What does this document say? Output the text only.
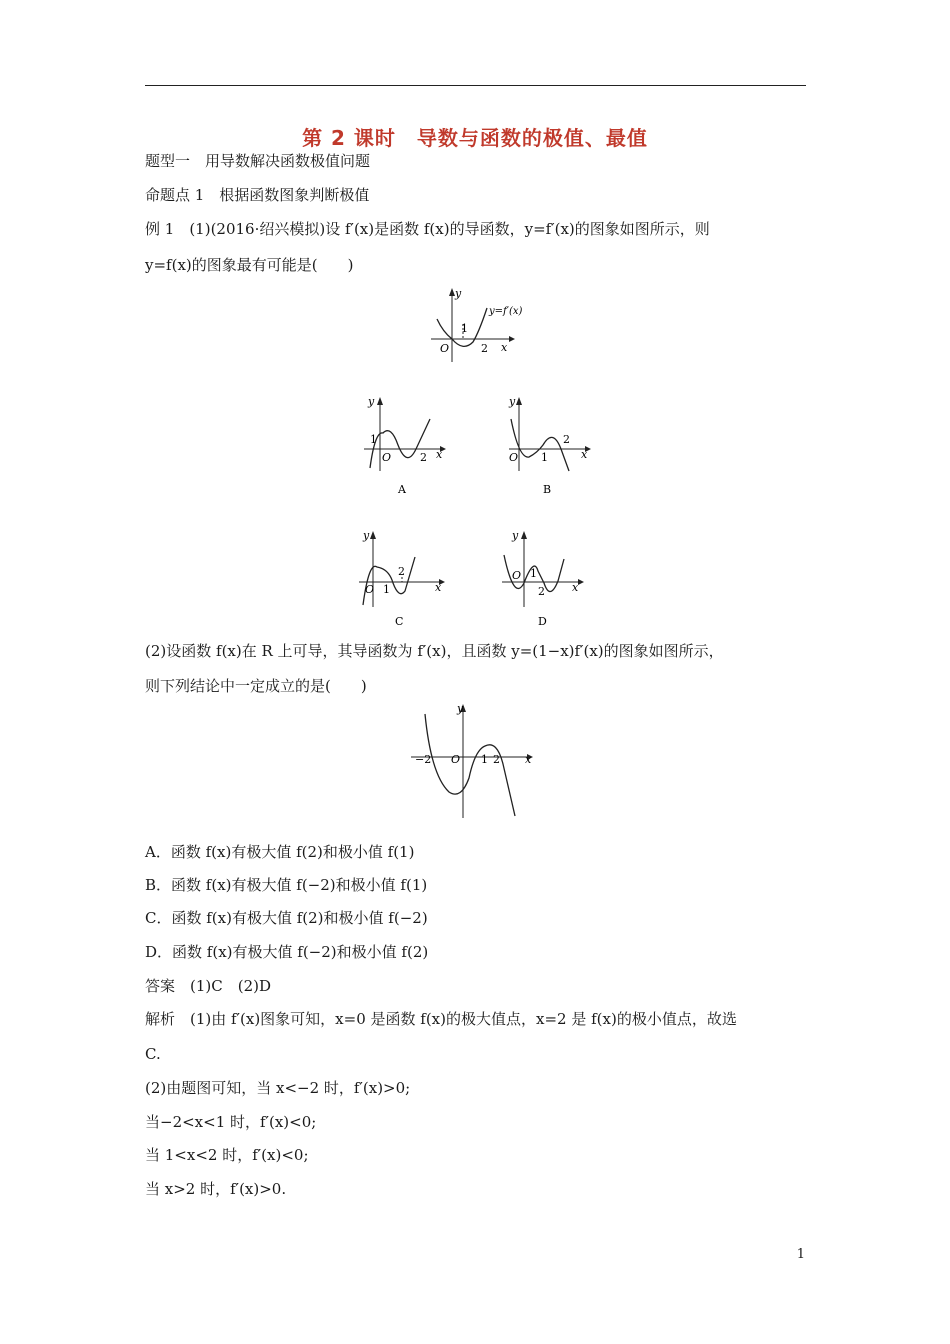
第 2 课时　导数与函数的极值、最值
题型一　用导数解决函数极值问题
命题点 1　根据函数图象判断极值
例 1　 (1)(2016·绍兴模拟)设 f′(x)是函数 f(x)的导函数，y=f′(x)的图象如图所示，则
y=f(x)的图象最有可能是(　　)
y
y=f′(x)
1
O	2 x
y
1
O	2 x
A
y
O 1
2
x
B
y
2
O 1	x
C
y
O 1
2 x
D
(2)设函数 f(x)在 R 上可导，其导函数为 f′(x)，且函数 y=(1−x)f′(x)的图象如图所示，
则下列结论中一定成立的是(　　)
y
−2 O 1 2 x
A．函数 f(x)有极大值 f(2)和极小值 f(1)
B．函数 f(x)有极大值 f(−2)和极小值 f(1)
C．函数 f(x)有极大值 f(2)和极小值 f(−2)
D．函数 f(x)有极大值 f(−2)和极小值 f(2)
答案　 (1)C　(2)D
解析　 (1)由 f′(x)图象可知，x=0 是函数 f(x)的极大值点，x=2 是 f(x)的极小值点，故选
C.
(2)由题图可知，当 x<−2 时，f′(x)>0;
当−2<x<1 时，f′(x)<0;
当 1<x<2 时，f′(x)<0;
当 x>2 时，f′(x)>0.
1
